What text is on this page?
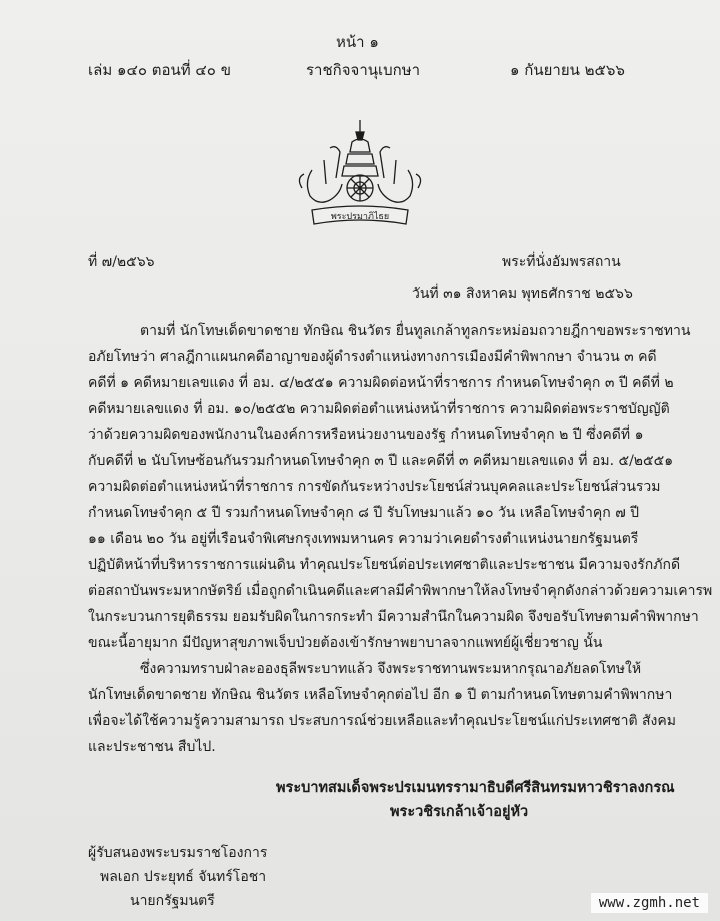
หน้า ๑
เล่ม ๑๔๐ ตอนที่ ๔๐ ข	ราชกิจจานุเบกษา	๑ กันยายน ๒๕๖๖
พระปรมาภิไธย
ที่ ๗/๒๕๖๖	พระที่นั่งอัมพรสถาน
วันที่ ๓๑ สิงหาคม พุทธศักราช ๒๕๖๖
ตามที่ นักโทษเด็ดขาดชาย ทักษิณ ชินวัตร ยื่นทูลเกล้าทูลกระหม่อมถวายฎีกาขอพระราชทาน
อภัยโทษว่า ศาลฎีกาแผนกคดีอาญาของผู้ดำรงตำแหน่งทางการเมืองมีคำพิพากษา จำนวน ๓ คดี
คดีที่ ๑ คดีหมายเลขแดง ที่ อม. ๔/๒๕๕๑ ความผิดต่อหน้าที่ราชการ กำหนดโทษจำคุก ๓ ปี คดีที่ ๒
คดีหมายเลขแดง ที่ อม. ๑๐/๒๕๕๒ ความผิดต่อตำแหน่งหน้าที่ราชการ ความผิดต่อพระราชบัญญัติ
ว่าด้วยความผิดของพนักงานในองค์การหรือหน่วยงานของรัฐ กำหนดโทษจำคุก ๒ ปี ซึ่งคดีที่ ๑
กับคดีที่ ๒ นับโทษซ้อนกันรวมกำหนดโทษจำคุก ๓ ปี และคดีที่ ๓ คดีหมายเลขแดง ที่ อม. ๕/๒๕๕๑
ความผิดต่อตำแหน่งหน้าที่ราชการ การขัดกันระหว่างประโยชน์ส่วนบุคคลและประโยชน์ส่วนรวม
กำหนดโทษจำคุก ๕ ปี รวมกำหนดโทษจำคุก ๘ ปี รับโทษมาแล้ว ๑๐ วัน เหลือโทษจำคุก ๗ ปี
๑๑ เดือน ๒๐ วัน อยู่ที่เรือนจำพิเศษกรุงเทพมหานคร ความว่าเคยดำรงตำแหน่งนายกรัฐมนตรี
ปฏิบัติหน้าที่บริหารราชการแผ่นดิน ทำคุณประโยชน์ต่อประเทศชาติและประชาชน มีความจงรักภักดี
ต่อสถาบันพระมหากษัตริย์ เมื่อถูกดำเนินคดีและศาลมีคำพิพากษาให้ลงโทษจำคุกดังกล่าวด้วยความเคารพ
ในกระบวนการยุติธรรม ยอมรับผิดในการกระทำ มีความสำนึกในความผิด จึงขอรับโทษตามคำพิพากษา
ขณะนี้อายุมาก มีปัญหาสุขภาพเจ็บป่วยต้องเข้ารักษาพยาบาลจากแพทย์ผู้เชี่ยวชาญ นั้น
ซึ่งความทราบฝ่าละอองธุลีพระบาทแล้ว จึงพระราชทานพระมหากรุณาอภัยลดโทษให้
นักโทษเด็ดขาดชาย ทักษิณ ชินวัตร เหลือโทษจำคุกต่อไป อีก ๑ ปี ตามกำหนดโทษตามคำพิพากษา
เพื่อจะได้ใช้ความรู้ความสามารถ ประสบการณ์ช่วยเหลือและทำคุณประโยชน์แก่ประเทศชาติ สังคม
และประชาชน สืบไป.
พระบาทสมเด็จพระปรเมนทรรามาธิบดีศรีสินทรมหาวชิราลงกรณ
พระวชิรเกล้าเจ้าอยู่หัว
ผู้รับสนองพระบรมราชโองการ
พลเอก ประยุทธ์ จันทร์โอชา
นายกรัฐมนตรี	www.zgmh.net
